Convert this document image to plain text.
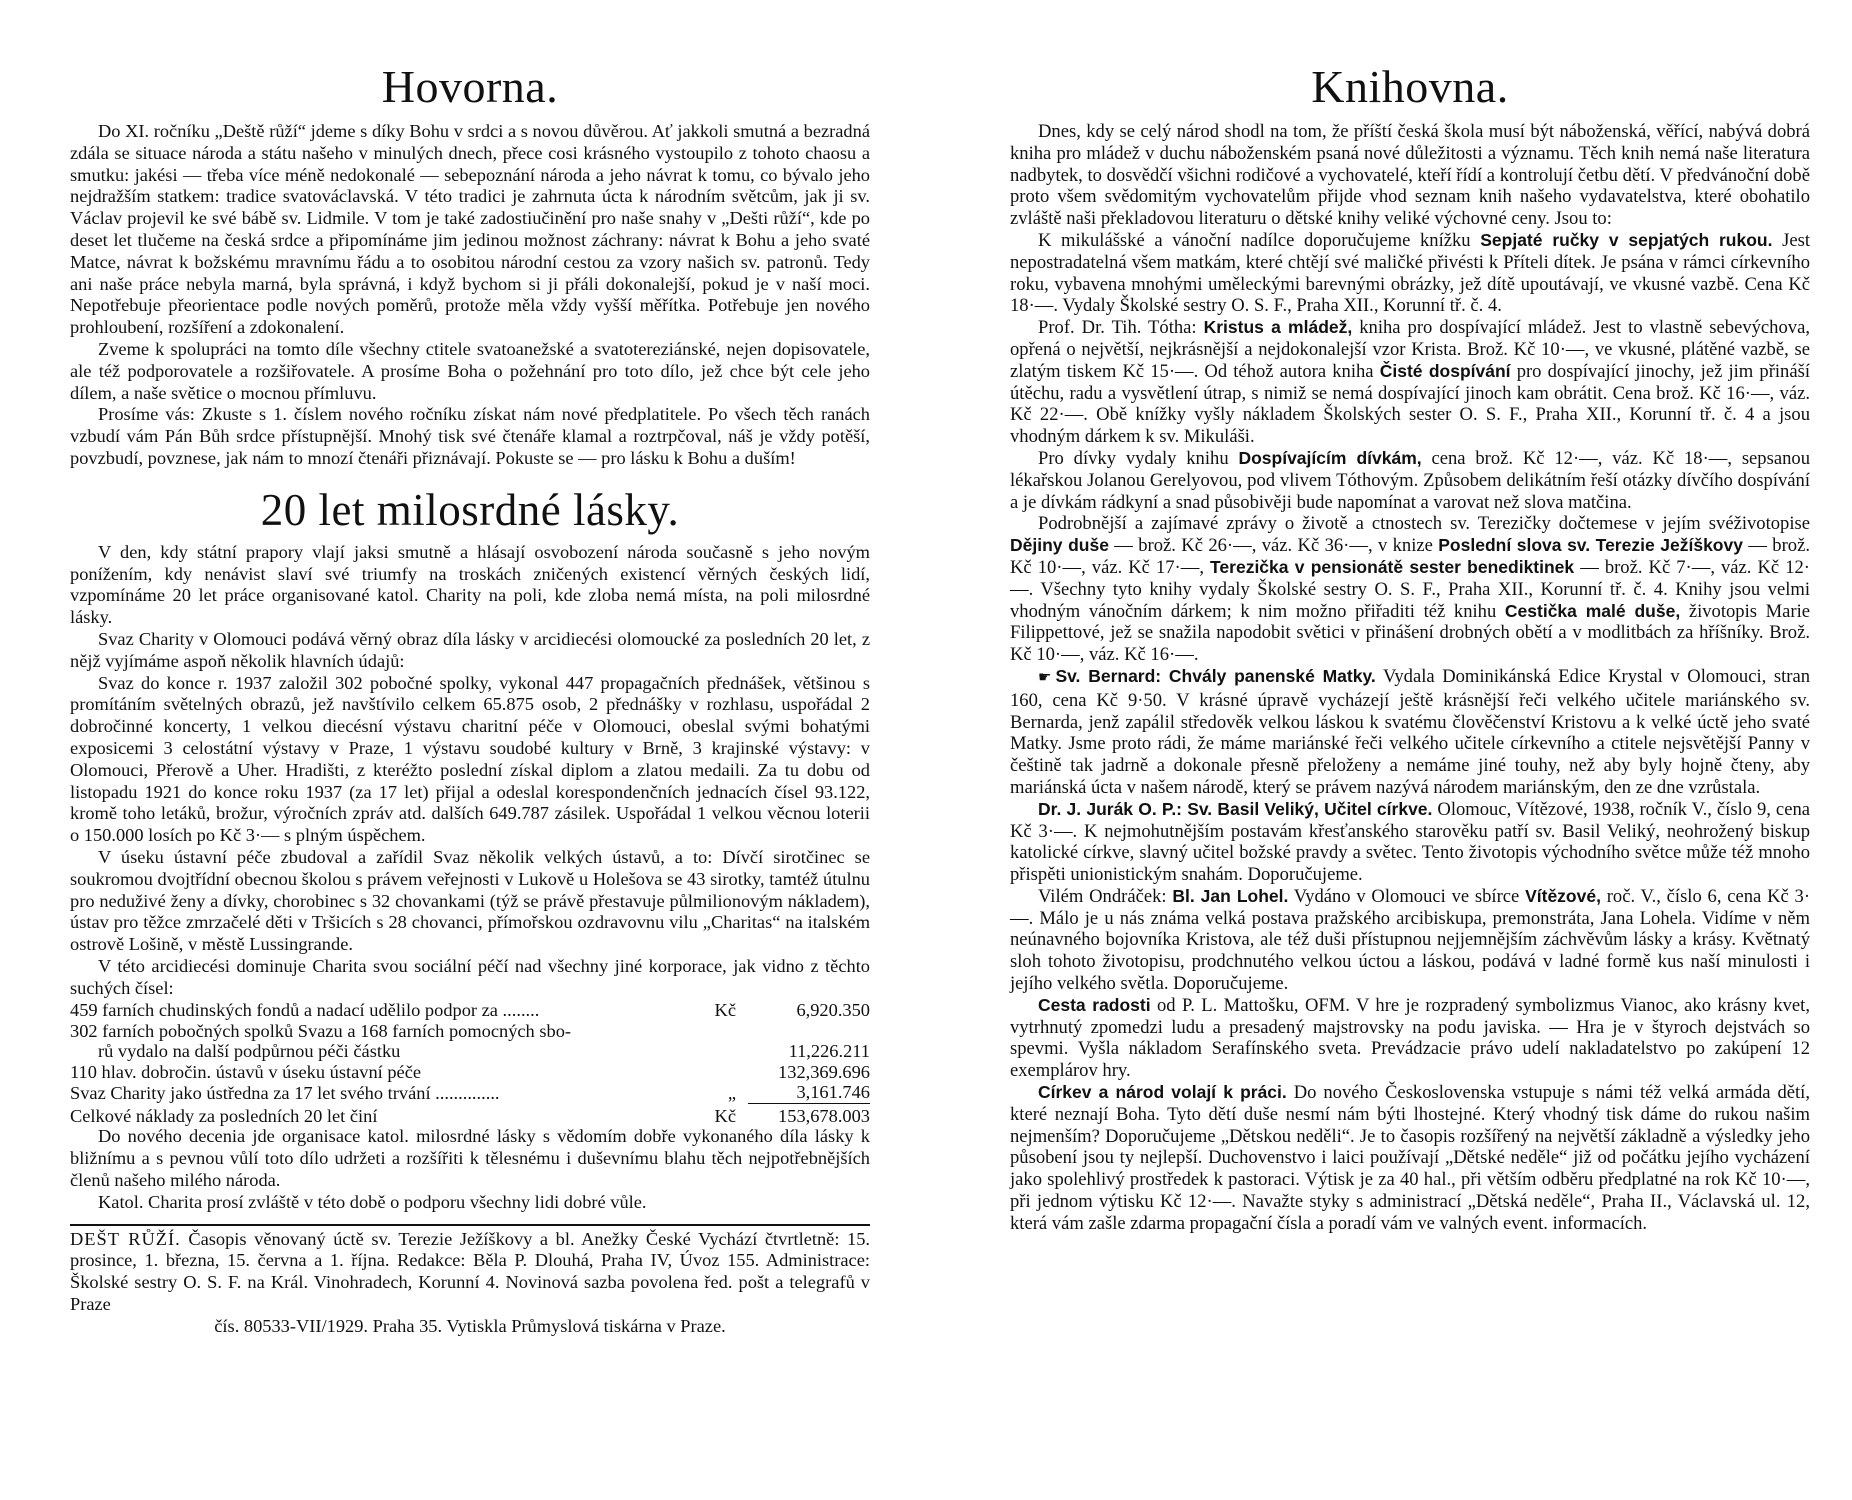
Hovorna.

Do XI. ročníku „Deště růží“ jdeme s díky Bohu v srdci a s novou důvěrou. Ať jakkoli smutná a bezradná zdála se situace národa a státu našeho v minulých dnech, přece cosi krásného vystoupilo z tohoto chaosu a smutku: jakési — třeba více méně nedokonalé — sebepoznání národa a jeho návrat k tomu, co bývalo jeho nejdražším statkem: tradice svatováclavská. V této tradici je zahrnuta úcta k národním světcům, jak ji sv. Václav projevil ke své bábě sv. Lidmile. V tom je také zadostiučinění pro naše snahy v „Dešti růží“, kde po deset let tlučeme na česká srdce a připomínáme jim jedinou možnost záchrany: návrat k Bohu a jeho svaté Matce, návrat k božskému mravnímu řádu a to osobitou národní cestou za vzory našich sv. patronů. Tedy ani naše práce nebyla marná, byla správná, i když bychom si ji přáli dokonalejší, pokud je v naší moci. Nepotřebuje přeorientace podle nových poměrů, protože měla vždy vyšší měřítka. Potřebuje jen nového prohloubení, rozšíření a zdokonalení.

Zveme k spolupráci na tomto díle všechny ctitele svatoanežské a svatotereziánské, nejen dopisovatele, ale též podporovatele a rozšiřovatele. A prosíme Boha o požehnání pro toto dílo, jež chce být cele jeho dílem, a naše světice o mocnou přímluvu.

Prosíme vás: Zkuste s 1. číslem nového ročníku získat nám nové předplatitele. Po všech těch ranách vzbudí vám Pán Bůh srdce přístupnější. Mnohý tisk své čtenáře klamal a roztrpčoval, náš je vždy potěší, povzbudí, povznese, jak nám to mnozí čtenáři přiznávají. Pokuste se — pro lásku k Bohu a duším!

20 let milosrdné lásky.

V den, kdy státní prapory vlají jaksi smutně a hlásají osvobození národa současně s jeho novým ponížením, kdy nenávist slaví své triumfy na troskách zničených existencí věrných českých lidí, vzpomínáme 20 let práce organisované katol. Charity na poli, kde zloba nemá místa, na poli milosrdné lásky.

Svaz Charity v Olomouci podává věrný obraz díla lásky v arcidiecési olomoucké za posledních 20 let, z nějž vyjímáme aspoň několik hlavních údajů:

Svaz do konce r. 1937 založil 302 pobočné spolky, vykonal 447 propagačních přednášek, většinou s promítáním světelných obrazů, jež navštívilo celkem 65.875 osob, 2 přednášky v rozhlasu, uspořádal 2 dobročinné koncerty, 1 velkou diecésní výstavu charitní péče v Olomouci, obeslal svými bohatými exposicemi 3 celostátní výstavy v Praze, 1 výstavu soudobé kultury v Brně, 3 krajinské výstavy: v Olomouci, Přerově a Uher. Hradišti, z kteréžto poslední získal diplom a zlatou medaili. Za tu dobu od listopadu 1921 do konce roku 1937 (za 17 let) přijal a odeslal korespondenčních jednacích čísel 93.122, kromě toho letáků, brožur, výročních zpráv atd. dalších 649.787 zásilek. Uspořádal 1 velkou věcnou loterii o 150.000 losích po Kč 3·— s plným úspěchem.

V úseku ústavní péče zbudoval a zařídil Svaz několik velkých ústavů, a to: Dívčí sirotčinec se soukromou dvojtřídní obecnou školou s právem veřejnosti v Lukově u Holešova se 43 sirotky, tamtéž útulnu pro neduživé ženy a dívky, chorobinec s 32 chovankami (týž se právě přestavuje půlmilionovým nákladem), ústav pro těžce zmrzačelé děti v Tršicích s 28 chovanci, přímořskou ozdravovnu vilu „Charitas“ na italském ostrově Lošině, v městě Lussingrande.

V této arcidiecési dominuje Charita svou sociální péčí nad všechny jiné korporace, jak vidno z těchto suchých čísel:

459 farních chudinských fondů a nadací udělilo podpor za ........	Kč	6,920.350
302 farních pobočných spolků Svazu a 168 farních pomocných sbo-		
rů vydalo na další podpůrnou péči částku		11,226.211
110 hlav. dobročin. ústavů v úseku ústavní péče		132,369.696
Svaz Charity jako ústředna za 17 let svého trvání ..............	„	3,161.746
Celkové náklady za posledních 20 let činí	Kč	153,678.003

Do nového decenia jde organisace katol. milosrdné lásky s vědomím dobře vykonaného díla lásky k bližnímu a s pevnou vůlí toto dílo udržeti a rozšířiti k tělesnému i duševnímu blahu těch nejpotřebnějších členů našeho milého národa.

Katol. Charita prosí zvláště v této době o podporu všechny lidi dobré vůle.

DEŠT RŮŽÍ. Časopis věnovaný úctě sv. Terezie Ježíškovy a bl. Anežky České Vychází čtvrtletně: 15. prosince, 1. března, 15. června a 1. října. Redakce: Běla P. Dlouhá, Praha IV, Úvoz 155. Administrace: Školské sestry O. S. F. na Král. Vinohradech, Korunní 4. Novinová sazba povolena řed. pošt a telegrafů v Praze

čís. 80533-VII/1929. Praha 35. Vytiskla Průmyslová tiskárna v Praze.

Knihovna.

Dnes, kdy se celý národ shodl na tom, že příští česká škola musí být náboženská, věřící, nabývá dobrá kniha pro mládež v duchu náboženském psaná nové důležitosti a významu. Těch knih nemá naše literatura nadbytek, to dosvědčí všichni rodičové a vychovatelé, kteří řídí a kontrolují četbu dětí. V předvánoční době proto všem svědomitým vychovatelům přijde vhod seznam knih našeho vydavatelstva, které obohatilo zvláště naši překladovou literaturu o dětské knihy veliké výchovné ceny. Jsou to:

K mikulášské a vánoční nadílce doporučujeme knížku Sepjaté ručky v sepjatých rukou. Jest nepostradatelná všem matkám, které chtějí své maličké přivésti k Příteli dítek. Je psána v rámci církevního roku, vybavena mnohými uměleckými barevnými obrázky, jež dítě upoutávají, ve vkusné vazbě. Cena Kč 18·—. Vydaly Školské sestry O. S. F., Praha XII., Korunní tř. č. 4.

Prof. Dr. Tih. Tótha: Kristus a mládež, kniha pro dospívající mládež. Jest to vlastně sebevýchova, opřená o největší, nejkrásnější a nejdokonalejší vzor Krista. Brož. Kč 10·—, ve vkusné, plátěné vazbě, se zlatým tiskem Kč 15·—. Od téhož autora kniha Čisté dospívání pro dospívající jinochy, jež jim přináší útěchu, radu a vysvětlení útrap, s nimiž se nemá dospívající jinoch kam obrátit. Cena brož. Kč 16·—, váz. Kč 22·—. Obě knížky vyšly nákladem Školských sester O. S. F., Praha XII., Korunní tř. č. 4 a jsou vhodným dárkem k sv. Mikuláši.

Pro dívky vydaly knihu Dospívajícím dívkám, cena brož. Kč 12·—, váz. Kč 18·—, sepsanou lékařskou Jolanou Gerelyovou, pod vlivem Tóthovým. Způsobem delikátním řeší otázky dívčího dospívání a je dívkám rádkyní a snad působivěji bude napomínat a varovat než slova matčina.

Podrobnější a zajímavé zprávy o životě a ctnostech sv. Terezičky dočtemese v jejím svéživotopise Dějiny duše — brož. Kč 26·—, váz. Kč 36·—, v knize Poslední slova sv. Terezie Ježíškovy — brož. Kč 10·—, váz. Kč 17·—, Terezička v pensionátě sester benediktinek — brož. Kč 7·—, váz. Kč 12·—. Všechny tyto knihy vydaly Školské sestry O. S. F., Praha XII., Korunní tř. č. 4. Knihy jsou velmi vhodným vánočním dárkem; k nim možno přiřaditi též knihu Cestička malé duše, životopis Marie Filippettové, jež se snažila napodobit světici v přinášení drobných obětí a v modlitbách za hříšníky. Brož. Kč 10·—, váz. Kč 16·—.

☛ Sv. Bernard: Chvály panenské Matky. Vydala Dominikánská Edice Krystal v Olomouci, stran 160, cena Kč 9·50. V krásné úpravě vycházejí ještě krásnější řeči velkého učitele mariánského sv. Bernarda, jenž zapálil středověk velkou láskou k svatému člověčenství Kristovu a k velké úctě jeho svaté Matky. Jsme proto rádi, že máme mariánské řeči velkého učitele církevního a ctitele nejsvětější Panny v češtině tak jadrně a dokonale přesně přeloženy a nemáme jiné touhy, než aby byly hojně čteny, aby mariánská úcta v našem národě, který se právem nazývá národem mariánským, den ze dne vzrůstala.

Dr. J. Jurák O. P.: Sv. Basil Veliký, Učitel církve. Olomouc, Vítězové, 1938, ročník V., číslo 9, cena Kč 3·—. K nejmohutnějším postavám křesťanského starověku patří sv. Basil Veliký, neohrožený biskup katolické církve, slavný učitel božské pravdy a světec. Tento životopis východního světce může též mnoho přispěti unionistickým snahám. Doporučujeme.

Vilém Ondráček: Bl. Jan Lohel. Vydáno v Olomouci ve sbírce Vítězové, roč. V., číslo 6, cena Kč 3·—. Málo je u nás známa velká postava pražského arcibiskupa, premonstráta, Jana Lohela. Vidíme v něm neúnavného bojovníka Kristova, ale též duši přístupnou nejjemnějším záchvěvům lásky a krásy. Květnatý sloh tohoto životopisu, prodchnutého velkou úctou a láskou, podává v ladné formě kus naší minulosti i jejího velkého světla. Doporučujeme.

Cesta radosti od P. L. Mattošku, OFM. V hre je rozpradený symbolizmus Vianoc, ako krásny kvet, vytrhnutý zpomedzi ludu a presadený majstrovsky na podu javiska. — Hra je v štyroch dejstvách so spevmi. Vyšla nákladom Serafínského sveta. Prevádzacie právo udelí nakladatelstvo po zakúpení 12 exemplárov hry.

Církev a národ volají k práci. Do nového Československa vstupuje s námi též velká armáda dětí, které neznají Boha. Tyto dětí duše nesmí nám býti lhostejné. Který vhodný tisk dáme do rukou našim nejmenším? Doporučujeme „Dětskou neděli“. Je to časopis rozšířený na největší základně a výsledky jeho působení jsou ty nejlepší. Duchovenstvo i laici používají „Dětské neděle“ již od počátku jejího vycházení jako spolehlivý prostředek k pastoraci. Výtisk je za 40 hal., při větším odběru předplatné na rok Kč 10·—, při jednom výtisku Kč 12·—. Navažte styky s administrací „Dětská neděle“, Praha II., Václavská ul. 12, která vám zašle zdarma propagační čísla a poradí vám ve valných event. informacích.
